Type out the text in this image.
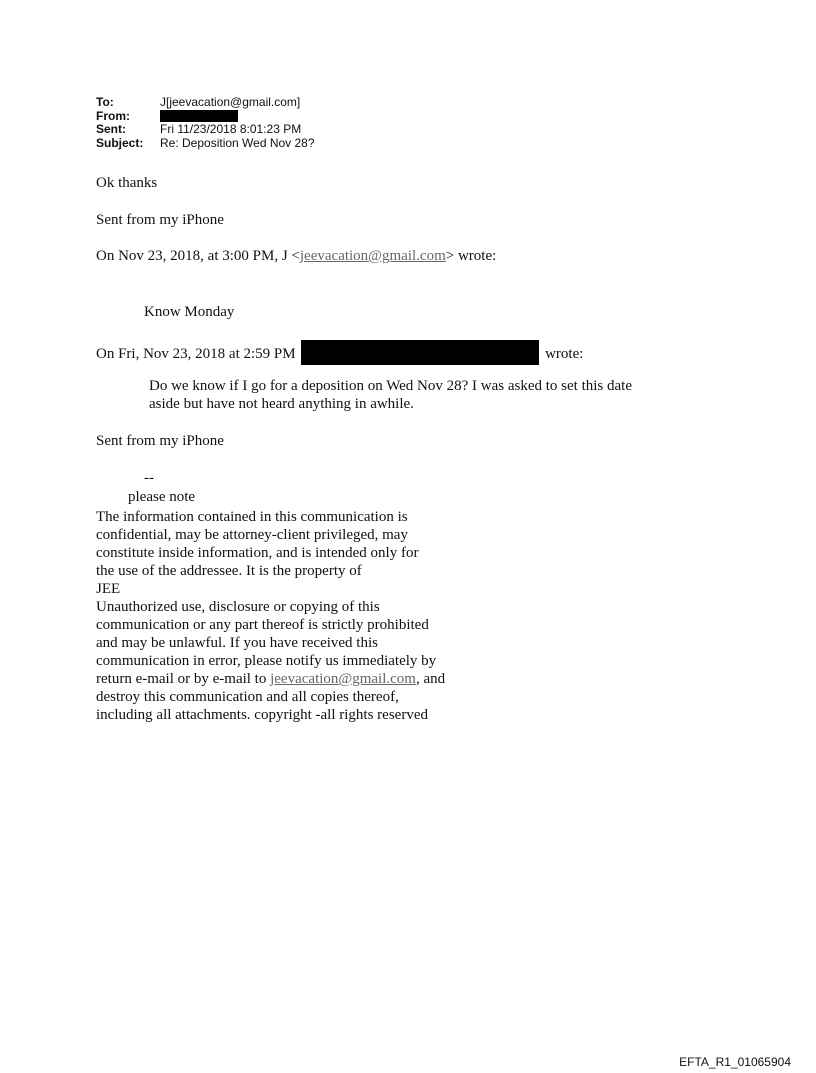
To:	J[jeevacation@gmail.com]
From:
Sent:	Fri 11/23/2018 8:01:23 PM
Subject:	Re: Deposition Wed Nov 28?
Ok thanks
Sent from my iPhone
On Nov 23, 2018, at 3:00 PM, J <jeevacation@gmail.com> wrote:
Know Monday
On Fri, Nov 23, 2018 at 2:59 PM	wrote:
Do we know if I go for a deposition on Wed Nov 28? I was asked to set this date
aside but have not heard anything in awhile.
Sent from my iPhone
--
please note
The information contained in this communication is
confidential, may be attorney-client privileged, may
constitute inside information, and is intended only for
the use of the addressee. It is the property of
JEE
Unauthorized use, disclosure or copying of this
communication or any part thereof is strictly prohibited
and may be unlawful. If you have received this
communication in error, please notify us immediately by
return e-mail or by e-mail to jeevacation@gmail.com, and
destroy this communication and all copies thereof,
including all attachments. copyright -all rights reserved
EFTA_R1_01065904
